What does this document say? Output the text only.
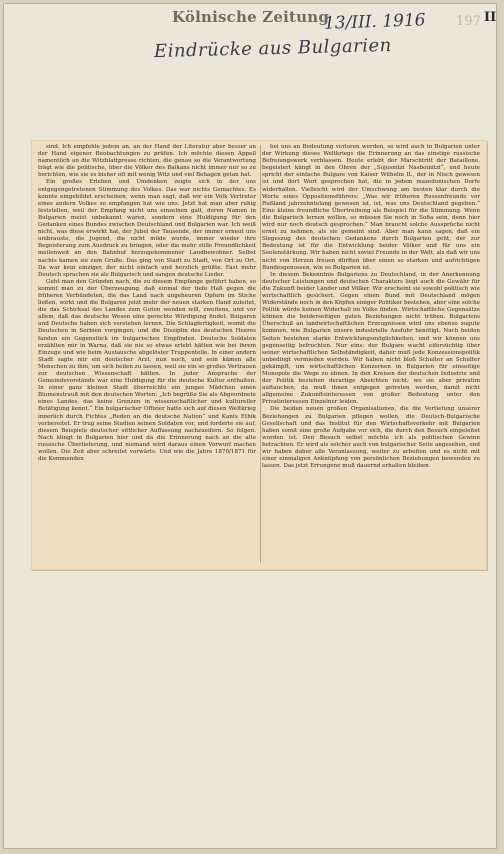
Kölnische Zeitung
13/III. 1916
Eindrücke aus Bulgarien
197 II

sind. Ich empfehle jedem an, an der Hand der Literatur aber besser an der Hand eigener Beobachtungen zu prüfen. Ich möchte diesen Appell namentlich an die Witzblattpresse richten, die genau so die Verantwortung trägt wie die politische, über die Völker des Balkans nicht immer nur so zu berichten, wie sie es bisher oft mit wenig Witz und viel Behagen getan hat.

Ein großes Erleben und Umdenken zeigte sich in der uns entgegengetretenen Stimmung des Volkes. Das war nichts Gemachtes. Es konnte eingebildet erscheinen, wenn man sagt, daß wir ein Volk Vertreter eines andern Volkes so empfangen hat wie uns. Jetzt hat man aber ruhig feststellen, weil der Empfang nicht uns einzelnen galt, deren Namen in Bulgarien meist unbekannt waren, sondern eine Huldigung für den Gedanken eines Bundes zwischen Deutschland und Bulgarien war. Ich weiß nicht, was diese erwirkt hat, der Jubel der Tausende, der immer erneut uns umbrauste, die Jugend, die nicht müde wurde, immer wieder ihre Begeisterung zum Ausdruck zu bringen, oder die mehr stille Freundlichkeit meilenweit an den Bahnhof herzugekommener Landbewohner. Selbst nachts kamen sie zum Gruße. Das ging von Stadt zu Stadt, von Ort zu Ort. Da war kein einziger, der nicht einfach und herzlich grüßte. Fast mehr Deutsch sprachen sie als Bulgarisch und sangen deutsche Lieder.

Geht man den Gründen nach, die zu diesem Empfange geführt haben, so kommt man zu der Überzeugung, daß einmal der tiefe Haß gegen die früheren Verbündeten, die das Land nach ungeheuren Opfern im Stiche ließen, wirkt und die Bulgaren jetzt mehr der neuen starken Hand zuleitet, die das Schicksal des Landes zum Guten wenden will, zweitens, und vor allem, daß das deutsche Wesen eine gerechte Würdigung findet. Bulgaren und Deutsche haben sich verstehen lernen. Die Schlagfertigkeit, womit die Deutschen in Serbien vorgingen, und die Disziplin des deutschen Heeres fanden ein Gegenstück im bulgarischen Empfinden. Deutsche Soldaten erzählten mir in Warna, daß sie nie so etwas erlebt hätten wie bei ihrem Einzuge und wie beim Austausche abgelöster Truppenteile. In einer andern Stadt sagte mir ein deutscher Arzt, nun noch, und sein kämen alle Menschen zu ihm, um sich heilen zu lassen, weil sie ein so großes Vertrauen zur deutschen Wissenschaft hätten. In jeder Ansprache der Gemeindevorstände war eine Huldigung für die deutsche Kultur enthalten. In einer ganz kleinen Stadt überreichte ein junges Mädchen einen Blumenstrauß mit den deutschen Worten: „Ich begrüße Sie als Abgeordnete eines Landes, das keine Grenzen in wissenschaftlicher und kultureller Betätigung kennt.“ Ein bulgarischer Offizier hatte sich auf diesen Weltkrieg innerlich durch Fichtes „Reden an die deutsche Nation“ und Kants Ethik vorbereitet. Er trug seine Studien seinen Soldaten vor, und forderte sie auf, diesem Beispiele deutscher sittlicher Auffassung nachzueifern. So folgen. Nach klingt in Bulgarien hier und da die Erinnerung nach an die alte russische Überlieferung, und niemand wird daraus einen Vorwurf machen wollen. Die Zeit aber schreitet vorwärts. Und wie die Jahre 1870/1871 für die Kommenden

bei uns an Bedeutung verloren werden, so wird auch in Bulgarien unter der Wirkung dieses Weltkriegs die Erinnerung an das einstige russische Befreiungswerk verblassen. Heute erlebt der Marschtritt der Bataillone, begeistert klingt in den Ohren der „Sojusnitzi Nasboinitzi“, und heute spricht der einfache Bulgare von Kaiser Wilhelm II., der in Nisch gewesen ist und dort Wort gesprochen hat, die in jedem mazedonischen Dorfe widerhallen. Vielleicht wird der Umschwung am besten klar durch die Worte eines Oppositionsführers: „Was wir früheren Russenfreunde vor Rußland jahrzehntelang gewesen ist, ist, was uns Deutschland gegeben.“ Eine kleine freundliche Übertreibung als Beispiel für die Stimmung. Wenn die Bulgarisch lernen wollen, so müssen Sie noch in Sofia sein, denn hier wird nur noch deutsch gesprochen.“ Man braucht solche Aussprüche nicht ernst zu nehmen, als sie gemeint sind. Aber man kann sagen, daß ein Siegeszug des deutschen Gedankens durch Bulgarien geht, der zur Bedeutung ist für die Entwicklung beider Völker und für uns ein Seelenstärkung. Wir haben nicht soviel Freunde in der Welt, als daß wir uns nicht von Herzen freuen dürften über einen so starken und aufrichtigen Bundesgenossen, wie es Bulgarien ist.

In diesem Bekenntnis Bulgariens zu Deutschland, in der Anerkennung deutscher Leistungen und deutschen Charakters liegt auch die Gewähr für die Zukunft beider Länder und Völker. Wir erscheint sie sowohl politisch wie wirtschaftlich gesichert. Gegen einen Bund mit Deutschland mögen Widerstände noch in den Köpfen einiger Politiker bestehen, aber eine solche Politik würde keinen Widerhall im Volke finden. Wirtschaftliche Gegensätze können die beiderseitigen guten Beziehungen nicht trüben. Bulgariens Überschuß an landwirtschaftlichen Erzeugnissen wird uns ebenso zugute kommen, wie Bulgarien unsere industrielle Ausfuhr benötigt. Nach beiden Seiten bestehen starke Entwicklungsmöglichkeiten, und wir können uns gegenseitig befruchten. Nur eins: der Bulgare wacht eifersüchtig über seiner wirtschaftlichen Selbständigkeit, daher muß jede Konzessionspolitik unbedingt vermieden werden. Wir haben nicht bloß Schulter an Schulter gekämpft, um wirtschaftlichen Konzernen in Bulgarien für einseitige Monopole die Wege zu ebnen. In den Kreisen der deutschen Industrie und der Politik bestehen derartige Absichten nicht; wo sie aber privatim auftauchen, da muß ihnen entgegen getreten werden, damit nicht allgemeine Zukunftsinteressen von großer Bedeutung unter den Privatinteressen Einzelner leiden.

Die beiden neuen großen Organisationen, die die Vertiefung unserer Beziehungen zu Bulgarien pflegen wollen, die Deutsch-Bulgarische Gesellschaft und das Institut für den Wirtschaftsverkehr mit Bulgarien haben somit eine große Aufgabe vor sich, die durch den Besuch eingeleitet worden ist. Den Besuch selbst möchte ich als politischen Gewinn betrachten. Er wird als solcher auch von bulgarischer Seite angesehen, und wir haben daher alle Veranlassung, weiter zu arbeiten und es nicht mit einer einmaligen Anknüpfung von persönlichen Beziehungen bewenden zu lassen. Das jetzt Errungene muß dauernd erhalten bleiben.
